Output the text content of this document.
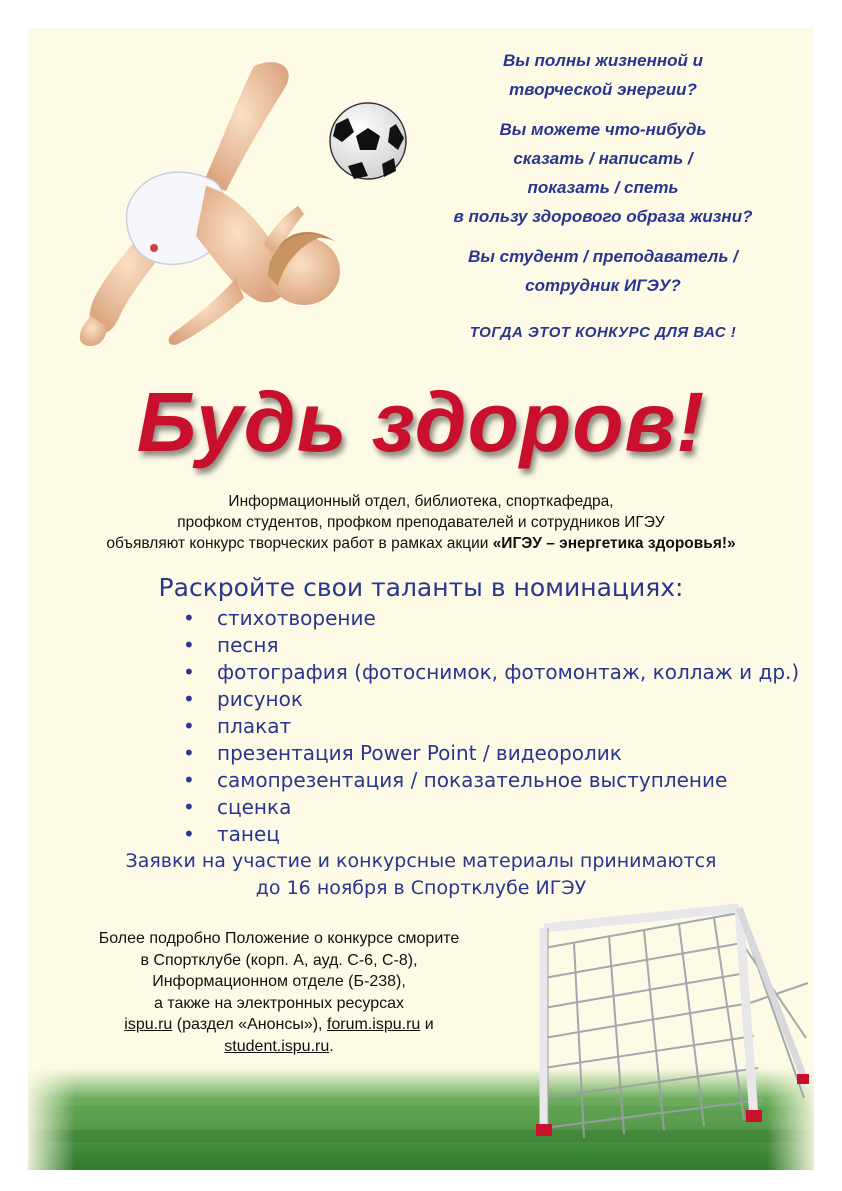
Вы полны жизненной и
творческой энергии?

Вы можете что-нибудь
сказать / написать /
показать / спеть
в пользу здорового образа жизни?

Вы студент / преподаватель /
сотрудник ИГЭУ?

ТОГДА ЭТОТ КОНКУРС ДЛЯ ВАС !

Будь здоров!
Информационный отдел, библиотека, спорткафедра,
профком студентов, профком преподавателей и сотрудников ИГЭУ
объявляют конкурс творческих работ в рамках акции «ИГЭУ – энергетика здоровья!»
Раскройте свои таланты в номинациях:
• стихотворение
• песня
• фотография (фотоснимок, фотомонтаж, коллаж и др.)
• рисунок
• плакат
• презентация Power Point / видеоролик
• самопрезентация / показательное выступление
• сценка
• танец
Заявки на участие и конкурсные материалы принимаются
до 16 ноября в Спортклубе ИГЭУ
Более подробно Положение о конкурсе сморите
в Спортклубе (корп. А, ауд. С-6, С-8),
Информационном отделе (Б-238),
а также на электронных ресурсах
ispu.ru (раздел «Анонсы»), forum.ispu.ru и
student.ispu.ru.
